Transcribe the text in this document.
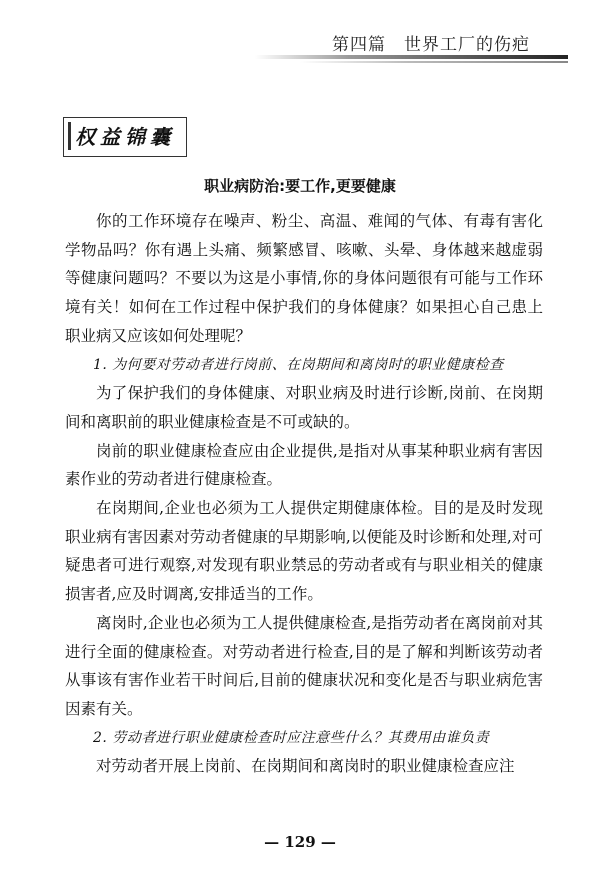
第四篇　世界工厂的伤疤
权益锦囊
职业病防治:要工作,更要健康

你的工作环境存在噪声、粉尘、高温、难闻的气体、有毒有害化学物品吗？你有遇上头痛、频繁感冒、咳嗽、头晕、身体越来越虚弱等健康问题吗？不要以为这是小事情,你的身体问题很有可能与工作环境有关！如何在工作过程中保护我们的身体健康？如果担心自己患上职业病又应该如何处理呢？

1. 为何要对劳动者进行岗前、在岗期间和离岗时的职业健康检查

为了保护我们的身体健康、对职业病及时进行诊断,岗前、在岗期间和离职前的职业健康检查是不可或缺的。

岗前的职业健康检查应由企业提供,是指对从事某种职业病有害因素作业的劳动者进行健康检查。

在岗期间,企业也必须为工人提供定期健康体检。目的是及时发现职业病有害因素对劳动者健康的早期影响,以便能及时诊断和处理,对可疑患者可进行观察,对发现有职业禁忌的劳动者或有与职业相关的健康损害者,应及时调离,安排适当的工作。

离岗时,企业也必须为工人提供健康检查,是指劳动者在离岗前对其进行全面的健康检查。对劳动者进行检查,目的是了解和判断该劳动者从事该有害作业若干时间后,目前的健康状况和变化是否与职业病危害因素有关。

2. 劳动者进行职业健康检查时应注意些什么？其费用由谁负责

对劳动者开展上岗前、在岗期间和离岗时的职业健康检查应注

— 129 —
